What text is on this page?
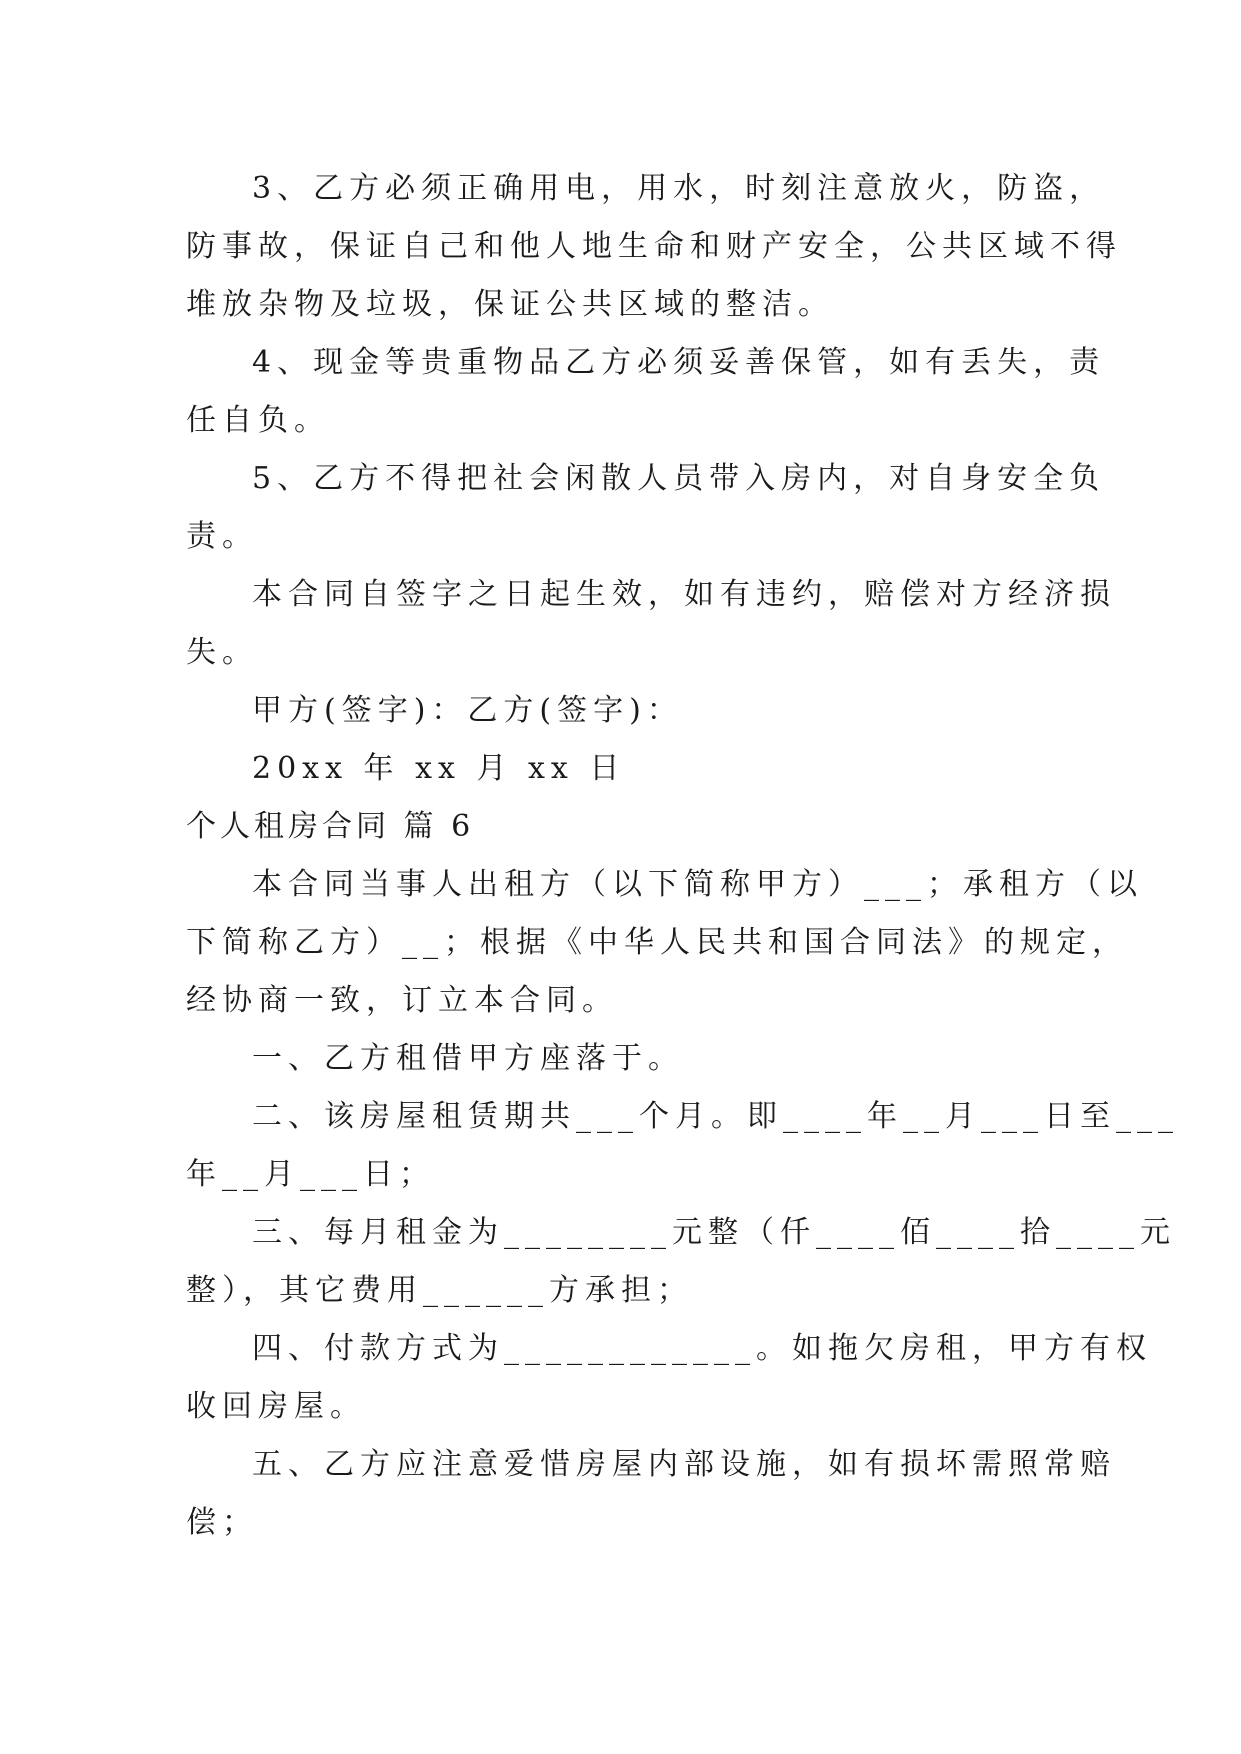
3、乙方必须正确用电，用水，时刻注意放火，防盗，
防事故，保证自己和他人地生命和财产安全，公共区域不得
堆放杂物及垃圾，保证公共区域的整洁。
4、现金等贵重物品乙方必须妥善保管，如有丢失，责
任自负。
5、乙方不得把社会闲散人员带入房内，对自身安全负
责。
本合同自签字之日起生效，如有违约，赔偿对方经济损
失。
甲方(签字)：乙方(签字)：
20xx 年 xx 月 xx 日
个人租房合同 篇 6
本合同当事人出租方（以下简称甲方）___；承租方（以
下简称乙方）__；根据《中华人民共和国合同法》的规定，
经协商一致，订立本合同。
一、乙方租借甲方座落于。
二、该房屋租赁期共___个月。即____年__月___日至___
年__月___日；
三、每月租金为________元整（仟____佰____拾____元
整），其它费用______方承担；
四、付款方式为____________。如拖欠房租，甲方有权
收回房屋。
五、乙方应注意爱惜房屋内部设施，如有损坏需照常赔
偿；
